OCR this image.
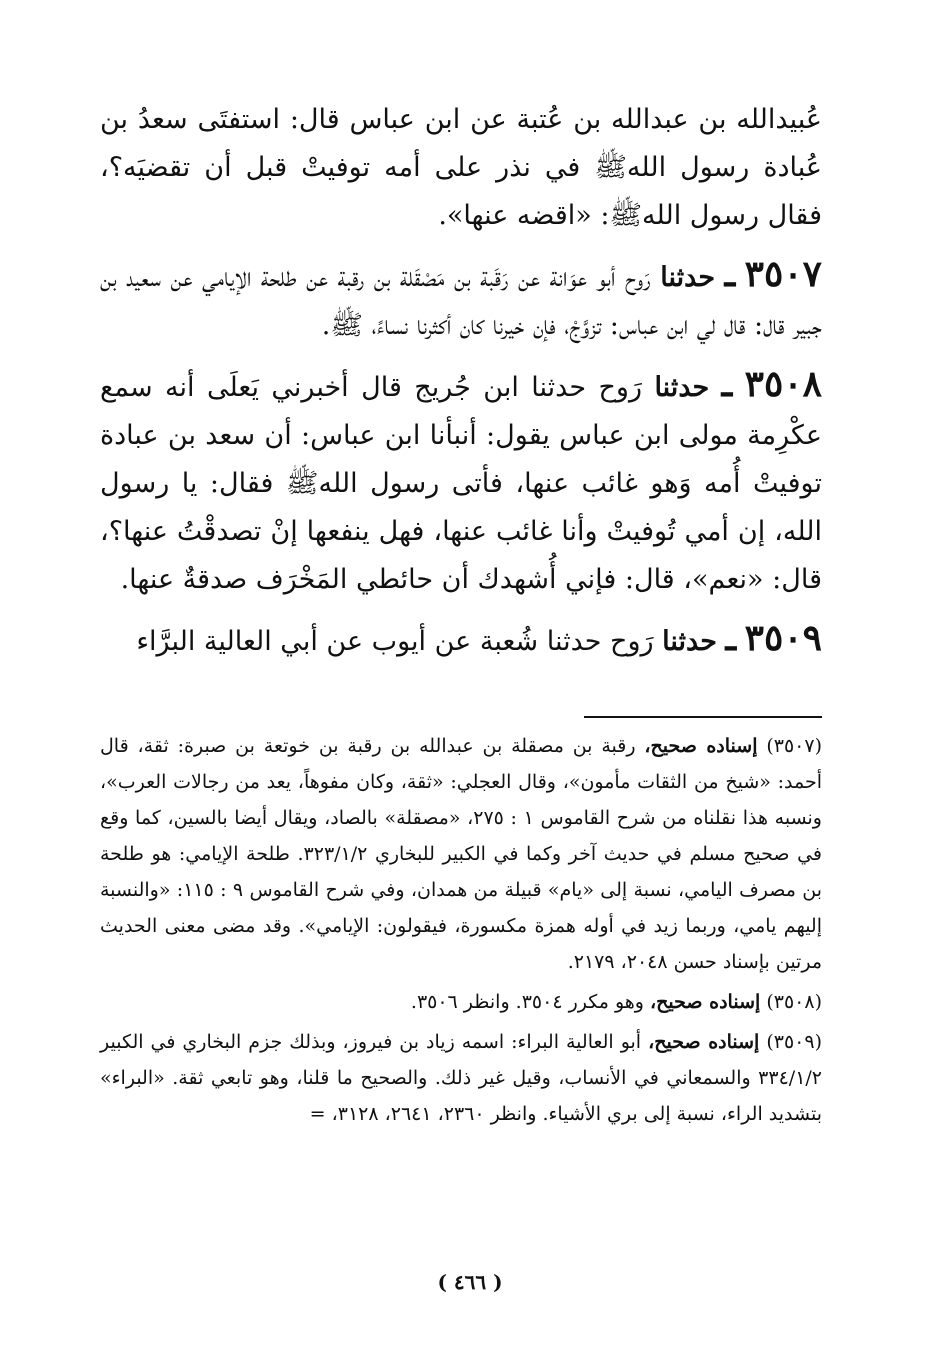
عُبيدالله بن عبدالله بن عُتبة عن ابن عباس قال: استفتَى سعدُ بن عُبادة رسول اللهﷺ في نذر على أمه توفيتْ قبل أن تقضيَه؟، فقال رسول اللهﷺ: «اقضه عنها».

٣٥٠٧ ـ حدثنا رَوح أبو عوَانة عن رَقَبة بن مَصْقَلة بن رقبة عن طلحة الإيامي عن سعيد بن جبير قال: قال لي ابن عباس: تزوَّجْ، فإن خيرنا كان أكثرنا نساءً، ﷺ.

٣٥٠٨ ـ حدثنا رَوح حدثنا ابن جُريج قال أخبرني يَعلَى أنه سمع عكْرِمة مولى ابن عباس يقول: أنبأنا ابن عباس: أن سعد بن عبادة توفيتْ أُمه وَهو غائب عنها، فأتى رسول اللهﷺ فقال: يا رسول الله، إن أمي تُوفيتْ وأنا غائب عنها، فهل ينفعها إنْ تصدقْتُ عنها؟، قال: «نعم»، قال: فإني أُشهدك أن حائطي المَخْرَف صدقةٌ عنها.

٣٥٠٩ ـ حدثنا رَوح حدثنا شُعبة عن أيوب عن أبي العالية البرَّاء

(٣٥٠٧) إسناده صحيح، رقبة بن مصقلة بن عبدالله بن رقبة بن خوتعة بن صبرة: ثقة، قال أحمد: «شيخ من الثقات مأمون»، وقال العجلي: «ثقة، وكان مفوهاً، يعد من رجالات العرب»، ونسبه هذا نقلناه من شرح القاموس ١ : ٢٧٥، «مصقلة» بالصاد، ويقال أيضا بالسين، كما وقع في صحيح مسلم في حديث آخر وكما في الكبير للبخاري ٣٢٣/١/٢. طلحة الإيامي: هو طلحة بن مصرف اليامي، نسبة إلى «يام» قبيلة من همدان، وفي شرح القاموس ٩ : ١١٥: «والنسبة إليهم يامي، وربما زيد في أوله همزة مكسورة، فيقولون: الإيامي». وقد مضى معنى الحديث مرتين بإسناد حسن ٢٠٤٨، ٢١٧٩.

(٣٥٠٨) إسناده صحيح، وهو مكرر ٣٥٠٤. وانظر ٣٥٠٦.

(٣٥٠٩) إسناده صحيح، أبو العالية البراء: اسمه زياد بن فيروز، وبذلك جزم البخاري في الكبير ٣٣٤/١/٢ والسمعاني في الأنساب، وقيل غير ذلك. والصحيح ما قلنا، وهو تابعي ثقة. «البراء» بتشديد الراء، نسبة إلى بري الأشياء. وانظر ٢٣٦٠، ٢٦٤١، ٣١٢٨، =

( ٤٦٦ )
